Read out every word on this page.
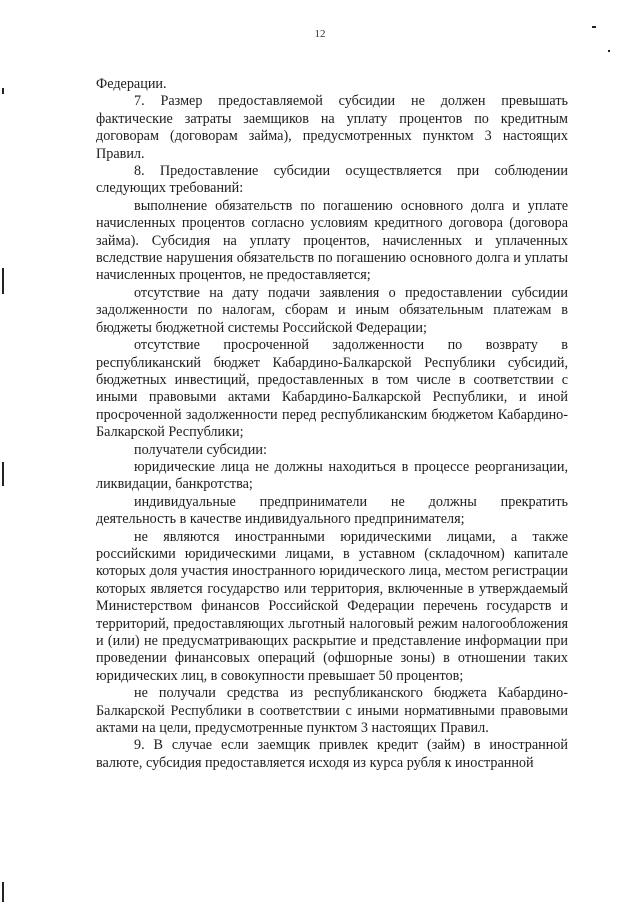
12

Федерации.

7. Размер предоставляемой субсидии не должен превышать фактические затраты заемщиков на уплату процентов по кредитным договорам (договорам займа), предусмотренных пунктом 3 настоящих Правил.

8. Предоставление субсидии осуществляется при соблюдении следующих требований:

выполнение обязательств по погашению основного долга и уплате начисленных процентов согласно условиям кредитного договора (договора займа). Субсидия на уплату процентов, начисленных и уплаченных вследствие нарушения обязательств по погашению основного долга и уплаты начисленных процентов, не предоставляется;

отсутствие на дату подачи заявления о предоставлении субсидии задолженности по налогам, сборам и иным обязательным платежам в бюджеты бюджетной системы Российской Федерации;

отсутствие просроченной задолженности по возврату в республиканский бюджет Кабардино-Балкарской Республики субсидий, бюджетных инвестиций, предоставленных в том числе в соответствии с иными правовыми актами Кабардино-Балкарской Республики, и иной просроченной задолженности перед республиканским бюджетом Кабардино-Балкарской Республики;

получатели субсидии:

юридические лица не должны находиться в процессе реорганизации, ликвидации, банкротства;

индивидуальные предприниматели не должны прекратить деятельность в качестве индивидуального предпринимателя;

не являются иностранными юридическими лицами, а также российскими юридическими лицами, в уставном (складочном) капитале которых доля участия иностранного юридического лица, местом регистрации которых является государство или территория, включенные в утверждаемый Министерством финансов Российской Федерации перечень государств и территорий, предоставляющих льготный налоговый режим налогообложения и (или) не предусматривающих раскрытие и представление информации при проведении финансовых операций (офшорные зоны) в отношении таких юридических лиц, в совокупности превышает 50 процентов;

не получали средства из республиканского бюджета Кабардино-Балкарской Республики в соответствии с иными нормативными правовыми актами на цели, предусмотренные пунктом 3 настоящих Правил.

9. В случае если заемщик привлек кредит (займ) в иностранной валюте, субсидия предоставляется исходя из курса рубля к иностранной
